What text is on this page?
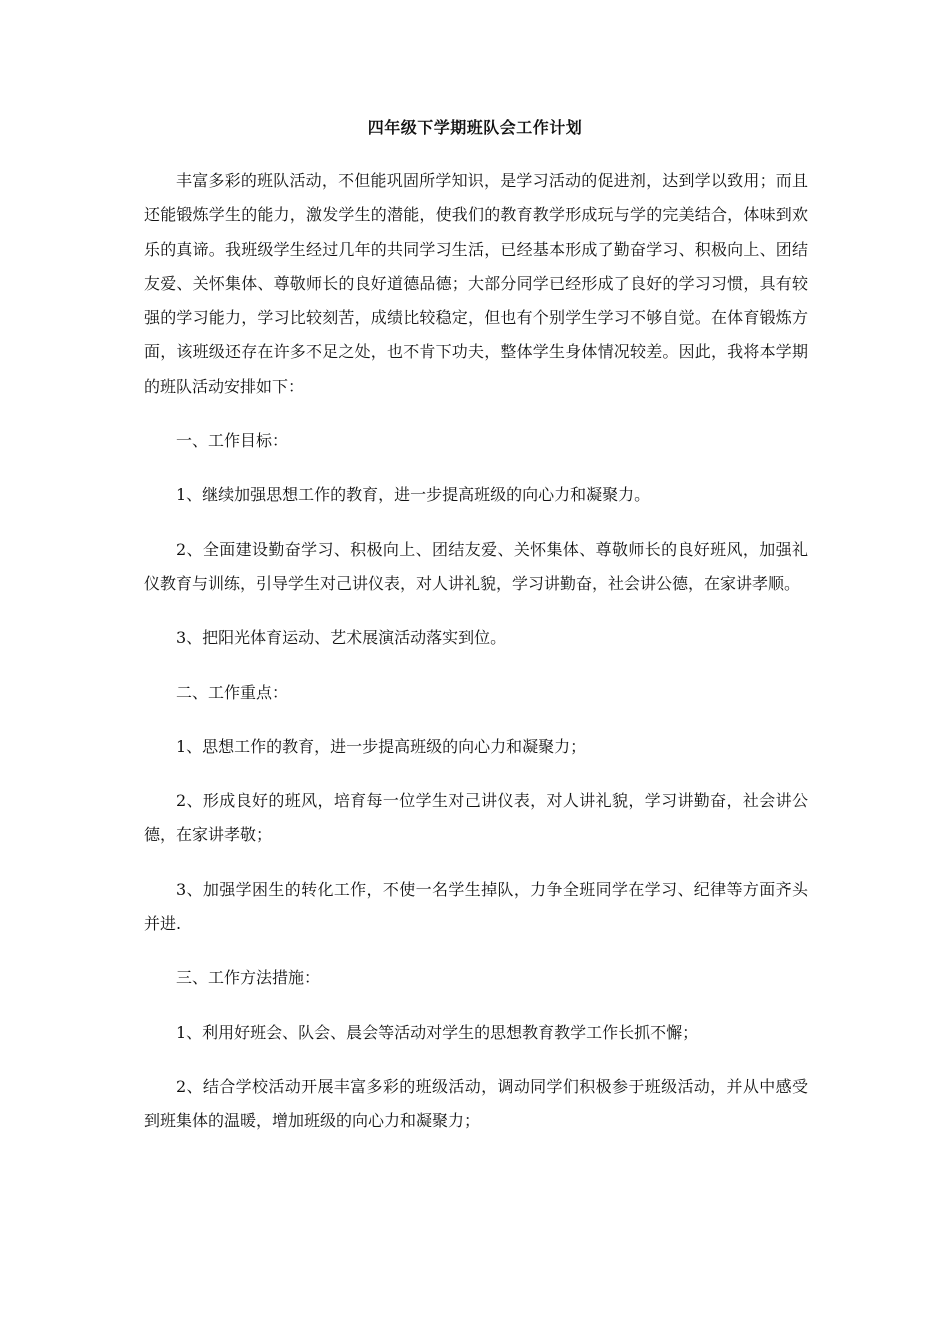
四年级下学期班队会工作计划

丰富多彩的班队活动，不但能巩固所学知识，是学习活动的促进剂，达到学以致用；而且还能锻炼学生的能力，激发学生的潜能，使我们的教育教学形成玩与学的完美结合，体味到欢乐的真谛。我班级学生经过几年的共同学习生活，已经基本形成了勤奋学习、积极向上、团结友爱、关怀集体、尊敬师长的良好道德品德；大部分同学已经形成了良好的学习习惯，具有较强的学习能力，学习比较刻苦，成绩比较稳定，但也有个别学生学习不够自觉。在体育锻炼方面，该班级还存在许多不足之处，也不肯下功夫，整体学生身体情况较差。因此，我将本学期的班队活动安排如下：

一、工作目标：

1、继续加强思想工作的教育，进一步提高班级的向心力和凝聚力。

2、全面建设勤奋学习、积极向上、团结友爱、关怀集体、尊敬师长的良好班风，加强礼仪教育与训练，引导学生对己讲仪表，对人讲礼貌，学习讲勤奋，社会讲公德，在家讲孝顺。

3、把阳光体育运动、艺术展演活动落实到位。

二、工作重点：

1、思想工作的教育，进一步提高班级的向心力和凝聚力；

2、形成良好的班风，培育每一位学生对己讲仪表，对人讲礼貌，学习讲勤奋，社会讲公德，在家讲孝敬；

3、加强学困生的转化工作，不使一名学生掉队，力争全班同学在学习、纪律等方面齐头并进.

三、工作方法措施：

1、利用好班会、队会、晨会等活动对学生的思想教育教学工作长抓不懈；

2、结合学校活动开展丰富多彩的班级活动，调动同学们积极参于班级活动，并从中感受到班集体的温暖，增加班级的向心力和凝聚力；
